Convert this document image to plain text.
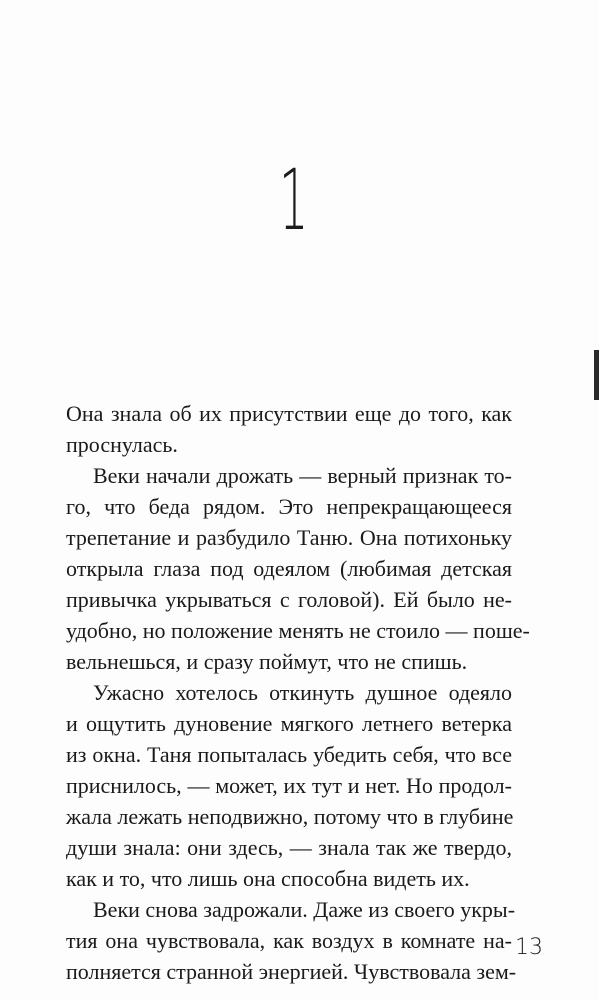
1
Она знала об их присутствии еще до того, как
проснулась.
Веки начали дрожать — верный признак то-
го, что беда рядом. Это непрекращающееся
трепетание и разбудило Таню. Она потихоньку
открыла глаза под одеялом (любимая детская
привычка укрываться с головой). Ей было не-
удобно, но положение менять не стоило — поше-
вельнешься, и сразу поймут, что не спишь.
Ужасно хотелось откинуть душное одеяло
и ощутить дуновение мягкого летнего ветерка
из окна. Таня попыталась убедить себя, что все
приснилось, — может, их тут и нет. Но продол-
жала лежать неподвижно, потому что в глубине
души знала: они здесь, — знала так же твердо,
как и то, что лишь она способна видеть их.
Веки снова задрожали. Даже из своего укры-
тия она чувствовала, как воздух в комнате на-
полняется странной энергией. Чувствовала зем-
13
